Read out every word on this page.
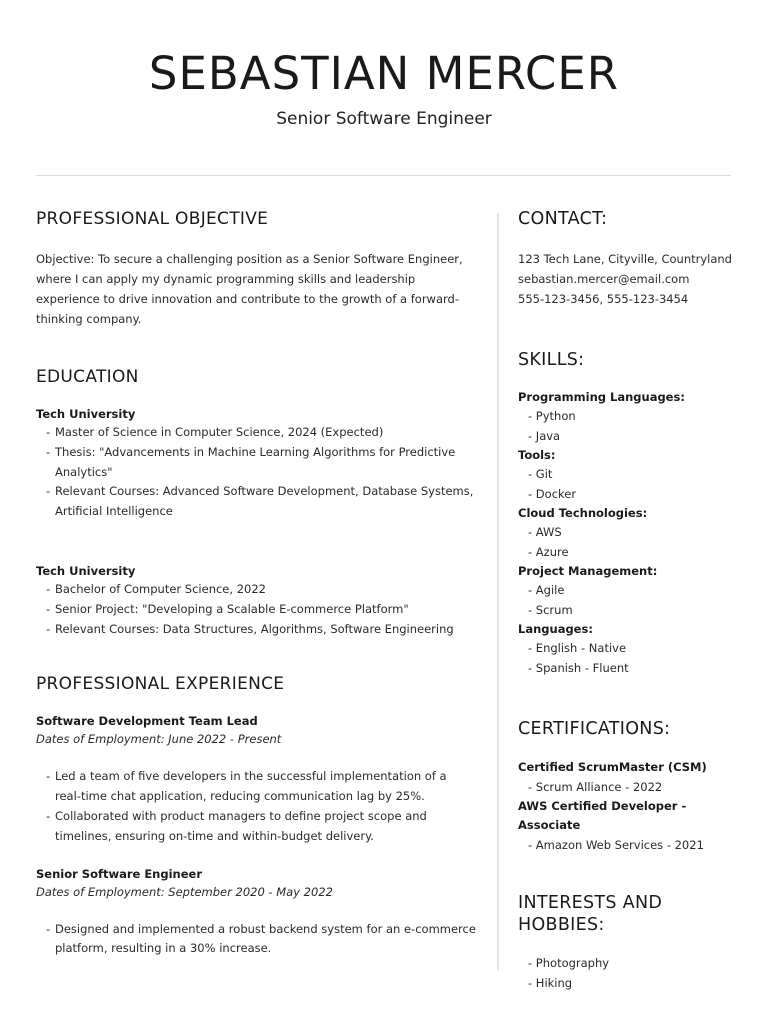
SEBASTIAN MERCER
Senior Software Engineer
PROFESSIONAL OBJECTIVE

Objective: To secure a challenging position as a Senior Software Engineer, where I can apply my dynamic programming skills and leadership experience to drive innovation and contribute to the growth of a forward-thinking company.

EDUCATION
Tech University
- Master of Science in Computer Science, 2024 (Expected)
- Thesis: "Advancements in Machine Learning Algorithms for Predictive Analytics"
- Relevant Courses: Advanced Software Development, Database Systems, Artificial Intelligence
Tech University
- Bachelor of Computer Science, 2022
- Senior Project: "Developing a Scalable E-commerce Platform"
- Relevant Courses: Data Structures, Algorithms, Software Engineering
PROFESSIONAL EXPERIENCE
Software Development Team Lead
Dates of Employment: June 2022 - Present
- Led a team of five developers in the successful implementation of a real-time chat application, reducing communication lag by 25%.
- Collaborated with product managers to define project scope and timelines, ensuring on-time and within-budget delivery.
Senior Software Engineer
Dates of Employment: September 2020 - May 2022
- Designed and implemented a robust backend system for an e-commerce platform, resulting in a 30% increase.
CONTACT:
123 Tech Lane, Cityville, Countryland
sebastian.mercer@email.com
555-123-3456, 555-123-3454
SKILLS:
Programming Languages:
- Python
- Java
Tools:
- Git
- Docker
Cloud Technologies:
- AWS
- Azure
Project Management:
- Agile
- Scrum
Languages:
- English - Native
- Spanish - Fluent
CERTIFICATIONS:
Certified ScrumMaster (CSM)
- Scrum Alliance - 2022
AWS Certified Developer - Associate
- Amazon Web Services - 2021
INTERESTS AND HOBBIES:
- Photography
- Hiking
